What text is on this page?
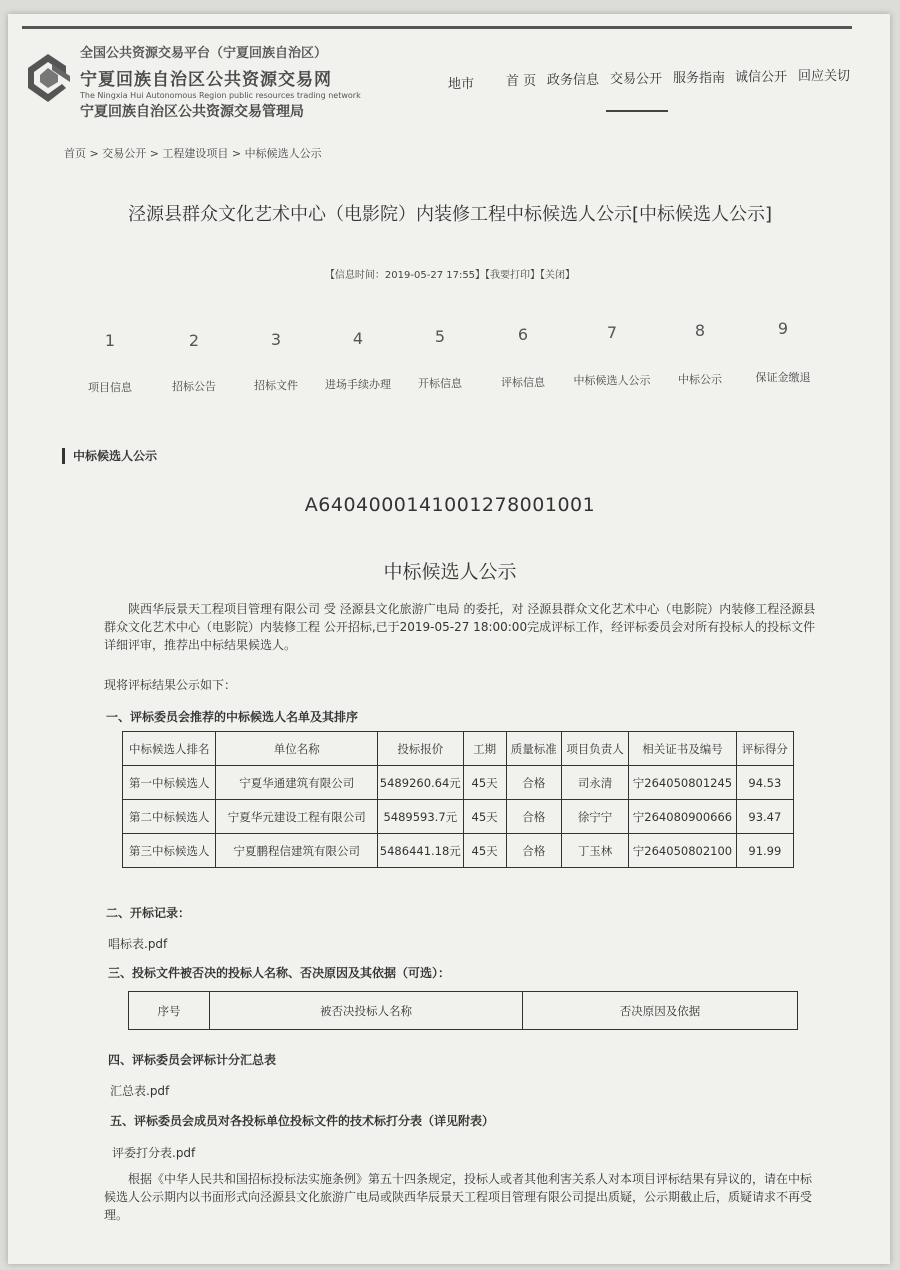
全国公共资源交易平台（宁夏回族自治区）
宁夏回族自治区公共资源交易网
The Ningxia Hui Autonomous Region public resources trading network
宁夏回族自治区公共资源交易管理局
地市 首 页 政务信息 交易公开 服务指南 诚信公开 回应关切
首页 > 交易公开 > 工程建设项目 > 中标候选人公示
泾源县群众文化艺术中心（电影院）内装修工程中标候选人公示[中标候选人公示]
【信息时间：2019-05-27 17:55】【我要打印】【关闭】
1
项目信息
2
招标公告
3
招标文件
4
进场手续办理
5
开标信息
6
评标信息
7
中标候选人公示
8
中标公示
9
保证金缴退
中标候选人公示
A6404000141001278001001
中标候选人公示
陕西华辰景天工程项目管理有限公司 受 泾源县文化旅游广电局 的委托，对 泾源县群众文化艺术中心（电影院）内装修工程泾源县群众文化艺术中心（电影院）内装修工程 公开招标,已于2019-05-27 18:00:00完成评标工作，经评标委员会对所有投标人的投标文件详细评审，推荐出中标结果候选人。
现将评标结果公示如下：
一、评标委员会推荐的中标候选人名单及其排序
中标候选人排名	单位名称	投标报价	工期	质量标准	项目负责人	相关证书及编号	评标得分
第一中标候选人	宁夏华通建筑有限公司	5489260.64元	45天	合格	司永清	宁264050801245	94.53
第二中标候选人	宁夏华元建设工程有限公司	5489593.7元	45天	合格	徐宁宁	宁264080900666	93.47
第三中标候选人	宁夏鹏程信建筑有限公司	5486441.18元	45天	合格	丁玉林	宁264050802100	91.99
二、开标记录：
唱标表.pdf
三、投标文件被否决的投标人名称、否决原因及其依据（可选）：
序号	被否决投标人名称	否决原因及依据
四、评标委员会评标计分汇总表
汇总表.pdf
五、评标委员会成员对各投标单位投标文件的技术标打分表（详见附表）
评委打分表.pdf
根据《中华人民共和国招标投标法实施条例》第五十四条规定，投标人或者其他利害关系人对本项目评标结果有异议的，请在中标候选人公示期内以书面形式向泾源县文化旅游广电局或陕西华辰景天工程项目管理有限公司提出质疑，公示期截止后，质疑请求不再受理。
